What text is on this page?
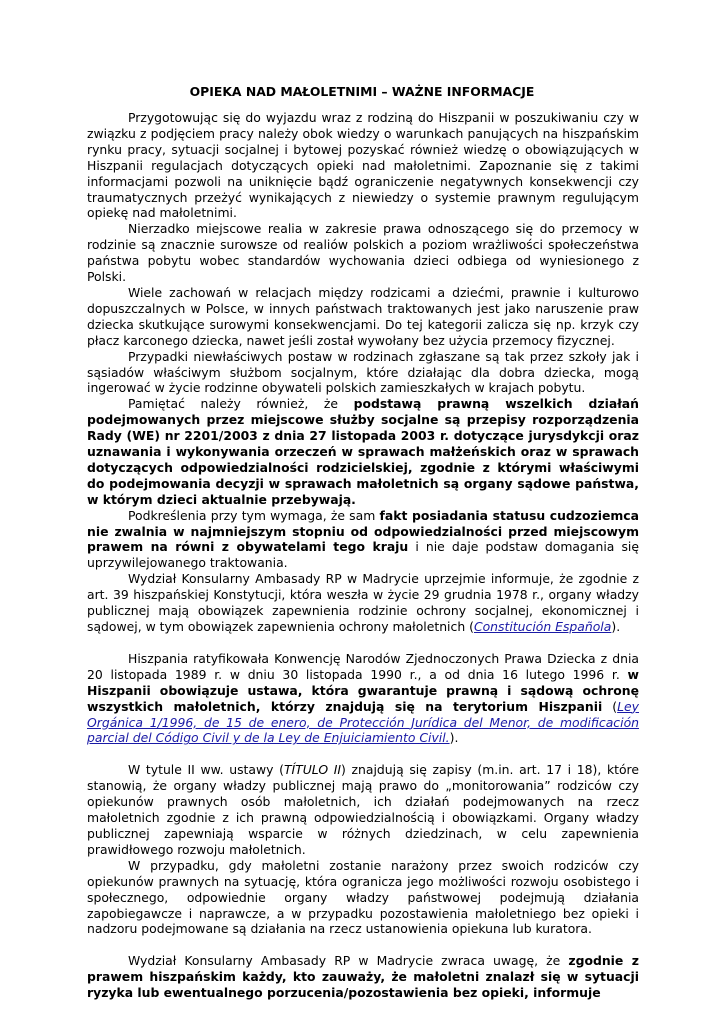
OPIEKA NAD MAŁOLETNIMI – WAŻNE INFORMACJE

Przygotowując się do wyjazdu wraz z rodziną do Hiszpanii w poszukiwaniu czy w związku z podjęciem pracy należy obok wiedzy o warunkach panujących na hiszpańskim rynku pracy, sytuacji socjalnej i bytowej pozyskać również wiedzę o obowiązujących w Hiszpanii regulacjach dotyczących opieki nad małoletnimi. Zapoznanie się z takimi informacjami pozwoli na uniknięcie bądź ograniczenie negatywnych konsekwencji czy traumatycznych przeżyć wynikających z niewiedzy o systemie prawnym regulującym opiekę nad małoletnimi.

Nierzadko miejscowe realia w zakresie prawa odnoszącego się do przemocy w rodzinie są znacznie surowsze od realiów polskich a poziom wrażliwości społeczeństwa państwa pobytu wobec standardów wychowania dzieci odbiega od wyniesionego z Polski.

Wiele zachowań w relacjach między rodzicami a dziećmi, prawnie i kulturowo dopuszczalnych w Polsce, w innych państwach traktowanych jest jako naruszenie praw dziecka skutkujące surowymi konsekwencjami. Do tej kategorii zalicza się np. krzyk czy płacz karconego dziecka, nawet jeśli został wywołany bez użycia przemocy fizycznej.

Przypadki niewłaściwych postaw w rodzinach zgłaszane są tak przez szkoły jak i sąsiadów właściwym służbom socjalnym, które działając dla dobra dziecka, mogą ingerować w życie rodzinne obywateli polskich zamieszkałych w krajach pobytu.

Pamiętać należy również, że podstawą prawną wszelkich działań podejmowanych przez miejscowe służby socjalne są przepisy rozporządzenia Rady (WE) nr 2201/2003 z dnia 27 listopada 2003 r. dotyczące jurysdykcji oraz uznawania i wykonywania orzeczeń w sprawach małżeńskich oraz w sprawach dotyczących odpowiedzialności rodzicielskiej, zgodnie z którymi właściwymi do podejmowania decyzji w sprawach małoletnich są organy sądowe państwa, w którym dzieci aktualnie przebywają.

Podkreślenia przy tym wymaga, że sam fakt posiadania statusu cudzoziemca nie zwalnia w najmniejszym stopniu od odpowiedzialności przed miejscowym prawem na równi z obywatelami tego kraju i nie daje podstaw domagania się uprzywilejowanego traktowania.

Wydział Konsularny Ambasady RP w Madrycie uprzejmie informuje, że zgodnie z art. 39 hiszpańskiej Konstytucji, która weszła w życie 29 grudnia 1978 r., organy władzy publicznej mają obowiązek zapewnienia rodzinie ochrony socjalnej, ekonomicznej i sądowej, w tym obowiązek zapewnienia ochrony małoletnich (Constitución Española).

Hiszpania ratyfikowała Konwencję Narodów Zjednoczonych Prawa Dziecka z dnia 20 listopada 1989 r. w dniu 30 listopada 1990 r., a od dnia 16 lutego 1996 r. w Hiszpanii obowiązuje ustawa, która gwarantuje prawną i sądową ochronę wszystkich małoletnich, którzy znajdują się na terytorium Hiszpanii (Ley Orgánica 1/1996, de 15 de enero, de Protección Jurídica del Menor, de modificación parcial del Código Civil y de la Ley de Enjuiciamiento Civil.).

W tytule II ww. ustawy (TÍTULO II) znajdują się zapisy (m.in. art. 17 i 18), które stanowią, że organy władzy publicznej mają prawo do „monitorowania” rodziców czy opiekunów prawnych osób małoletnich, ich działań podejmowanych na rzecz małoletnich zgodnie z ich prawną odpowiedzialnością i obowiązkami. Organy władzy publicznej zapewniają wsparcie w różnych dziedzinach, w celu zapewnienia prawidłowego rozwoju małoletnich.

W przypadku, gdy małoletni zostanie narażony przez swoich rodziców czy opiekunów prawnych na sytuację, która ogranicza jego możliwości rozwoju osobistego i społecznego, odpowiednie organy władzy państwowej podejmują działania zapobiegawcze i naprawcze, a w przypadku pozostawienia małoletniego bez opieki i nadzoru podejmowane są działania na rzecz ustanowienia opiekuna lub kuratora.

Wydział Konsularny Ambasady RP w Madrycie zwraca uwagę, że zgodnie z prawem hiszpańskim każdy, kto zauważy, że małoletni znalazł się w sytuacji ryzyka lub ewentualnego porzucenia/pozostawienia bez opieki, informuje
